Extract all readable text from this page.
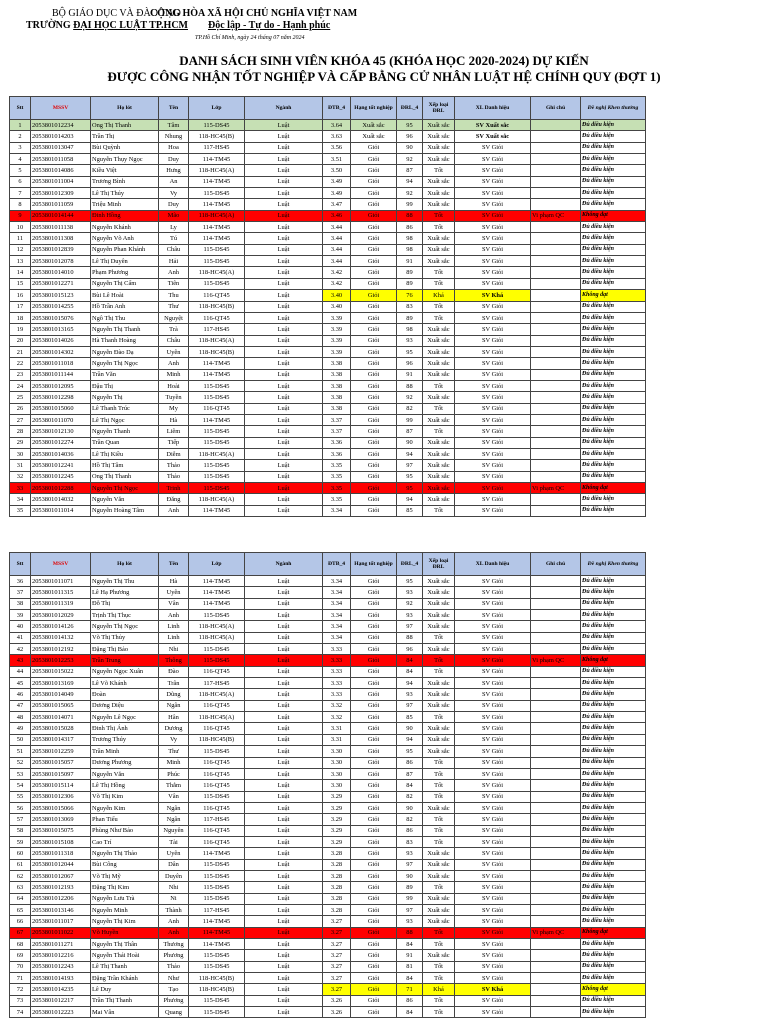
BỘ GIÁO DỤC VÀ ĐÀO TẠO
TRƯỜNG ĐẠI HỌC LUẬT TP.HCM
CỘNG HÒA XÃ HỘI CHỦ NGHĨA VIỆT NAM
Độc lập - Tự do - Hạnh phúc
TP.Hồ Chí Minh, ngày 24 tháng 07 năm 2024
DANH SÁCH SINH VIÊN KHÓA 45 (KHÓA HỌC 2020-2024) DỰ KIẾN
ĐƯỢC CÔNG NHẬN TỐT NGHIỆP VÀ CẤP BẰNG CỬ NHÂN LUẬT HỆ CHÍNH QUY (ĐỢT 1)
Stt	MSSV	Họ lót	Tên	Lớp	Ngành	ĐTB_4	Hạng tốt nghiệp	ĐRL_4	Xếp loại ĐRL	XL Danh hiệu	Ghi chú	Đề nghị Khen thưởng
1	2053801012234	Ong Thị Thanh	Tâm	115-DS45	Luật	3.64	Xuất sắc	95	Xuất sắc	SV Xuất sắc		Đủ điều kiện
2	2053801014203	Trần Thị	Nhung	118-HC45(B)	Luật	3.63	Xuất sắc	96	Xuất sắc	SV Xuất sắc		Đủ điều kiện
3	2053801013047	Bùi Quỳnh	Hoa	117-HS45	Luật	3.56	Giỏi	90	Xuất sắc	SV Giỏi		Đủ điều kiện
4	2053801011058	Nguyễn Thụy Ngọc	Duy	114-TM45	Luật	3.51	Giỏi	92	Xuất sắc	SV Giỏi		Đủ điều kiện
5	2053801014086	Kiều Việt	Hưng	118-HC45(A)	Luật	3.50	Giỏi	87	Tốt	SV Giỏi		Đủ điều kiện
6	2053801011004	Trương Bình	An	114-TM45	Luật	3.49	Giỏi	94	Xuất sắc	SV Giỏi		Đủ điều kiện
7	2053801012309	Lê Thị Thúy	Vy	115-DS45	Luật	3.49	Giỏi	92	Xuất sắc	SV Giỏi		Đủ điều kiện
8	2053801011059	Triệu Minh	Duy	114-TM45	Luật	3.47	Giỏi	99	Xuất sắc	SV Giỏi		Đủ điều kiện
9	2053801014144	Đinh Hồng	Mão	118-HC45(A)	Luật	3.46	Giỏi	88	Tốt	SV Giỏi	Vi phạm QC	Không đạt
10	2053801011138	Nguyễn Khánh	Ly	114-TM45	Luật	3.44	Giỏi	86	Tốt	SV Giỏi		Đủ điều kiện
11	2053801011308	Nguyễn Võ Anh	Tú	114-TM45	Luật	3.44	Giỏi	98	Xuất sắc	SV Giỏi		Đủ điều kiện
12	2053801012839	Nguyễn Phan Khánh	Châu	115-DS45	Luật	3.44	Giỏi	98	Xuất sắc	SV Giỏi		Đủ điều kiện
13	2053801012078	Lê Thị Duyên	Hải	115-DS45	Luật	3.44	Giỏi	91	Xuất sắc	SV Giỏi		Đủ điều kiện
14	2053801014010	Phạm Phương	Anh	118-HC45(A)	Luật	3.42	Giỏi	89	Tốt	SV Giỏi		Đủ điều kiện
15	2053801012271	Nguyễn Thị Cẩm	Tiên	115-DS45	Luật	3.42	Giỏi	89	Tốt	SV Giỏi		Đủ điều kiện
16	2053801015123	Bùi Lê Hoài	Thu	116-QT45	Luật	3.40	Giỏi	76	Khá	SV Khá		Không đạt
17	2053801014255	Hồ Trần Anh	Thư	118-HC45(B)	Luật	3.40	Giỏi	83	Tốt	SV Giỏi		Đủ điều kiện
18	2053801015076	Ngô Thị Thu	Nguyệt	116-QT45	Luật	3.39	Giỏi	89	Tốt	SV Giỏi		Đủ điều kiện
19	2053801013165	Nguyễn Thị Thanh	Trà	117-HS45	Luật	3.39	Giỏi	98	Xuất sắc	SV Giỏi		Đủ điều kiện
20	2053801014026	Hà Thanh Hoàng	Châu	118-HC45(A)	Luật	3.39	Giỏi	93	Xuất sắc	SV Giỏi		Đủ điều kiện
21	2053801014302	Nguyễn Đào Dạ	Uyên	118-HC45(B)	Luật	3.39	Giỏi	95	Xuất sắc	SV Giỏi		Đủ điều kiện
22	2053801011018	Nguyễn Thị Ngọc	Anh	114-TM45	Luật	3.38	Giỏi	96	Xuất sắc	SV Giỏi		Đủ điều kiện
23	2053801011144	Trần Văn	Minh	114-TM45	Luật	3.38	Giỏi	91	Xuất sắc	SV Giỏi		Đủ điều kiện
24	2053801012095	Đậu Thị	Hoài	115-DS45	Luật	3.38	Giỏi	88	Tốt	SV Giỏi		Đủ điều kiện
25	2053801012298	Nguyễn Thị	Tuyền	115-DS45	Luật	3.38	Giỏi	92	Xuất sắc	SV Giỏi		Đủ điều kiện
26	2053801015060	Lê Thanh Trúc	My	116-QT45	Luật	3.38	Giỏi	82	Tốt	SV Giỏi		Đủ điều kiện
27	2053801011070	Lê Thị Ngọc	Hà	114-TM45	Luật	3.37	Giỏi	99	Xuất sắc	SV Giỏi		Đủ điều kiện
28	2053801012130	Nguyễn Thanh	Liêm	115-DS45	Luật	3.37	Giỏi	87	Tốt	SV Giỏi		Đủ điều kiện
29	2053801012274	Trần Quan	Tiếp	115-DS45	Luật	3.36	Giỏi	90	Xuất sắc	SV Giỏi		Đủ điều kiện
30	2053801014036	Lê Thị Kiều	Diễm	118-HC45(A)	Luật	3.36	Giỏi	94	Xuất sắc	SV Giỏi		Đủ điều kiện
31	2053801012241	Hồ Thị Tâm	Thảo	115-DS45	Luật	3.35	Giỏi	97	Xuất sắc	SV Giỏi		Đủ điều kiện
32	2053801012245	Ong Thị Thanh	Thảo	115-DS45	Luật	3.35	Giỏi	95	Xuất sắc	SV Giỏi		Đủ điều kiện
33	2053801012288	Nguyễn Thị Ngọc	Trinh	115-DS45	Luật	3.35	Giỏi	95	Xuất sắc	SV Giỏi	Vi phạm QC	Không đạt
34	2053801014032	Nguyễn Văn	Đăng	118-HC45(A)	Luật	3.35	Giỏi	94	Xuất sắc	SV Giỏi		Đủ điều kiện
35	2053801011014	Nguyễn Hoàng Tâm	Anh	114-TM45	Luật	3.34	Giỏi	85	Tốt	SV Giỏi		Đủ điều kiện
Stt	MSSV	Họ lót	Tên	Lớp	Ngành	ĐTB_4	Hạng tốt nghiệp	ĐRL_4	Xếp loại ĐRL	XL Danh hiệu	Ghi chú	Đề nghị Khen thưởng
36	2053801011071	Nguyễn Thị Thu	Hà	114-TM45	Luật	3.34	Giỏi	95	Xuất sắc	SV Giỏi		Đủ điều kiện
37	2053801011315	Lê Hạ Phương	Uyên	114-TM45	Luật	3.34	Giỏi	93	Xuất sắc	SV Giỏi		Đủ điều kiện
38	2053801011319	Đỗ Thị	Vân	114-TM45	Luật	3.34	Giỏi	92	Xuất sắc	SV Giỏi		Đủ điều kiện
39	2053801012029	Trịnh Thị Thục	Anh	115-DS45	Luật	3.34	Giỏi	93	Xuất sắc	SV Giỏi		Đủ điều kiện
40	2053801014126	Nguyễn Thị Ngọc	Linh	118-HC45(A)	Luật	3.34	Giỏi	97	Xuất sắc	SV Giỏi		Đủ điều kiện
41	2053801014132	Võ Thị Thủy	Linh	118-HC45(A)	Luật	3.34	Giỏi	88	Tốt	SV Giỏi		Đủ điều kiện
42	2053801012192	Đặng Thị Bảo	Nhi	115-DS45	Luật	3.33	Giỏi	96	Xuất sắc	SV Giỏi		Đủ điều kiện
43	2053801012253	Trần Trung	Thông	115-DS45	Luật	3.33	Giỏi	84	Tốt	SV Giỏi	Vi phạm QC	Không đạt
44	2053801015022	Nguyễn Ngọc Xuân	Đào	116-QT45	Luật	3.33	Giỏi	84	Tốt	SV Giỏi		Đủ điều kiện
45	2053801013169	Lê Võ Khánh	Trân	117-HS45	Luật	3.33	Giỏi	94	Xuất sắc	SV Giỏi		Đủ điều kiện
46	2053801014049	Đoàn	Dũng	118-HC45(A)	Luật	3.33	Giỏi	93	Xuất sắc	SV Giỏi		Đủ điều kiện
47	2053801015065	Dương Diệu	Ngân	116-QT45	Luật	3.32	Giỏi	97	Xuất sắc	SV Giỏi		Đủ điều kiện
48	2053801014071	Nguyễn Lê Ngọc	Hân	118-HC45(A)	Luật	3.32	Giỏi	85	Tốt	SV Giỏi		Đủ điều kiện
49	2053801015028	Đinh Thị Ánh	Dương	116-QT45	Luật	3.31	Giỏi	90	Xuất sắc	SV Giỏi		Đủ điều kiện
50	2053801014317	Trương Thúy	Vy	118-HC45(B)	Luật	3.31	Giỏi	94	Xuất sắc	SV Giỏi		Đủ điều kiện
51	2053801012259	Trần Minh	Thư	115-DS45	Luật	3.30	Giỏi	95	Xuất sắc	SV Giỏi		Đủ điều kiện
52	2053801015057	Dương Phương	Minh	116-QT45	Luật	3.30	Giỏi	86	Tốt	SV Giỏi		Đủ điều kiện
53	2053801015097	Nguyễn Văn	Phúc	116-QT45	Luật	3.30	Giỏi	87	Tốt	SV Giỏi		Đủ điều kiện
54	2053801015114	Lê Thị Hồng	Thắm	116-QT45	Luật	3.30	Giỏi	84	Tốt	SV Giỏi		Đủ điều kiện
55	2053801012306	Võ Thị Kim	Vân	115-DS45	Luật	3.29	Giỏi	82	Tốt	SV Giỏi		Đủ điều kiện
56	2053801015066	Nguyễn Kim	Ngân	116-QT45	Luật	3.29	Giỏi	90	Xuất sắc	SV Giỏi		Đủ điều kiện
57	2053801013069	Phan Tiểu	Ngân	117-HS45	Luật	3.29	Giỏi	82	Tốt	SV Giỏi		Đủ điều kiện
58	2053801015075	Phùng Như Bảo	Nguyên	116-QT45	Luật	3.29	Giỏi	86	Tốt	SV Giỏi		Đủ điều kiện
59	2053801015108	Cao Trí	Tài	116-QT45	Luật	3.29	Giỏi	83	Tốt	SV Giỏi		Đủ điều kiện
60	2053801011318	Nguyễn Thị Thảo	Uyên	114-TM45	Luật	3.28	Giỏi	93	Xuất sắc	SV Giỏi		Đủ điều kiện
61	2053801012044	Bùi Công	Dân	115-DS45	Luật	3.28	Giỏi	97	Xuất sắc	SV Giỏi		Đủ điều kiện
62	2053801012067	Võ Thị Mỹ	Duyên	115-DS45	Luật	3.28	Giỏi	90	Xuất sắc	SV Giỏi		Đủ điều kiện
63	2053801012193	Đặng Thị Kim	Nhi	115-DS45	Luật	3.28	Giỏi	89	Tốt	SV Giỏi		Đủ điều kiện
64	2053801012206	Nguyễn Lưu Trà	Ni	115-DS45	Luật	3.28	Giỏi	99	Xuất sắc	SV Giỏi		Đủ điều kiện
65	2053801013146	Nguyễn Minh	Thành	117-HS45	Luật	3.28	Giỏi	97	Xuất sắc	SV Giỏi		Đủ điều kiện
66	2053801011017	Nguyễn Thị Kim	Anh	114-TM45	Luật	3.27	Giỏi	93	Xuất sắc	SV Giỏi		Đủ điều kiện
67	2053801011022	Võ Huyền	Anh	114-TM45	Luật	3.27	Giỏi	88	Tốt	SV Giỏi	Vi phạm QC	Không đạt
68	2053801011271	Nguyễn Thị Thân	Thương	114-TM45	Luật	3.27	Giỏi	84	Tốt	SV Giỏi		Đủ điều kiện
69	2053801012216	Nguyễn Thái Hoài	Phương	115-DS45	Luật	3.27	Giỏi	91	Xuất sắc	SV Giỏi		Đủ điều kiện
70	2053801012243	Lê Thị Thanh	Thảo	115-DS45	Luật	3.27	Giỏi	81	Tốt	SV Giỏi		Đủ điều kiện
71	2053801014193	Đặng Trần Khánh	Như	118-HC45(B)	Luật	3.27	Giỏi	84	Tốt	SV Giỏi		Đủ điều kiện
72	2053801014235	Lê Duy	Tạo	118-HC45(B)	Luật	3.27	Giỏi	71	Khá	SV Khá		Không đạt
73	2053801012217	Trần Thị Thanh	Phương	115-DS45	Luật	3.26	Giỏi	86	Tốt	SV Giỏi		Đủ điều kiện
74	2053801012223	Mai Vân	Quang	115-DS45	Luật	3.26	Giỏi	84	Tốt	SV Giỏi		Đủ điều kiện
